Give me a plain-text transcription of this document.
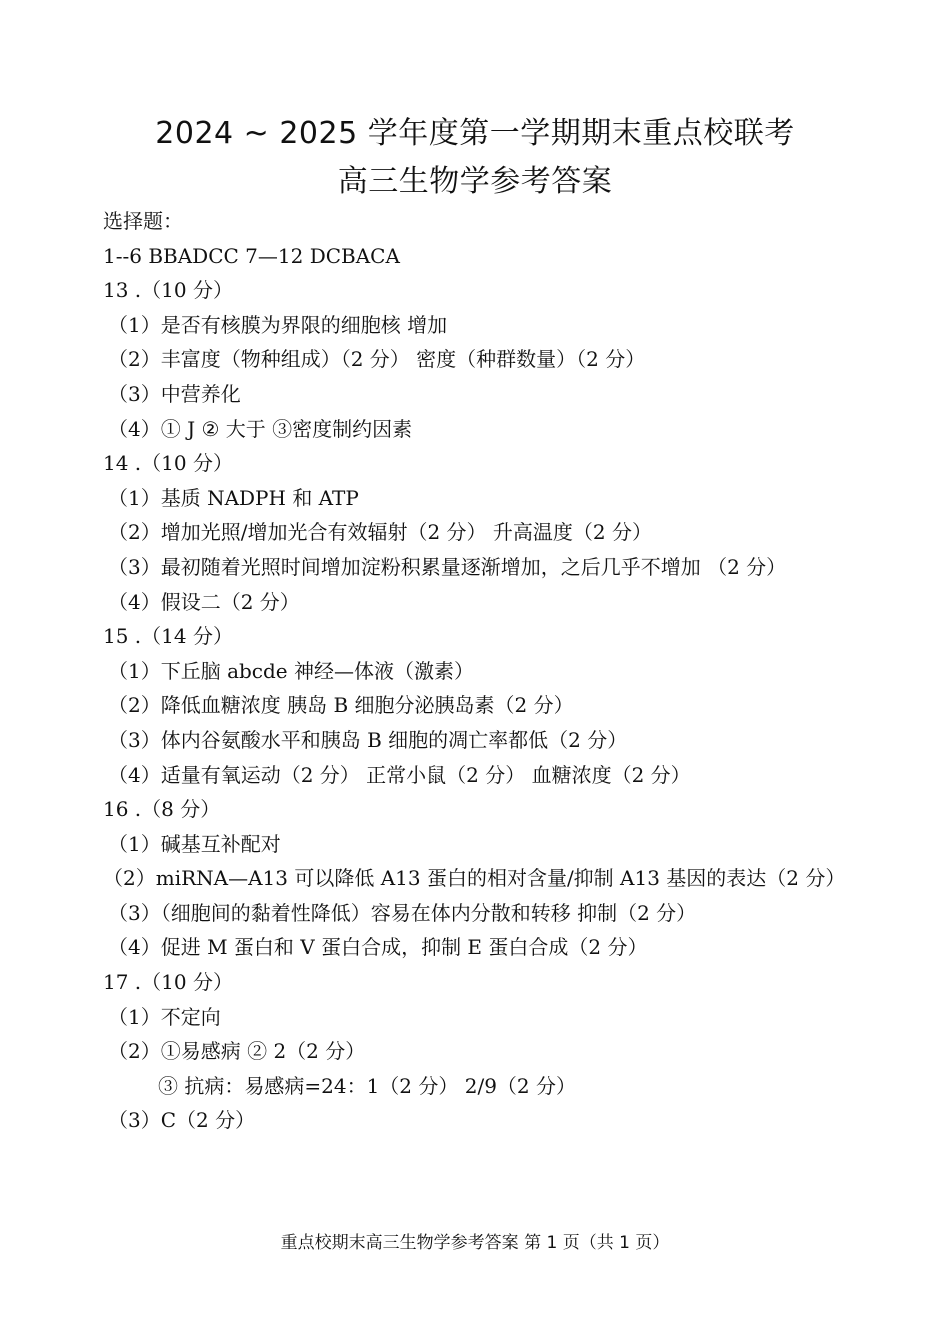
2024 ~ 2025 学年度第一学期期末重点校联考
高三生物学参考答案
选择题：
1--6 BBADCC 7—12 DCBACA
13 .（10 分）
（1）是否有核膜为界限的细胞核 增加
（2）丰富度（物种组成）（2 分） 密度（种群数量）（2 分）
（3）中营养化
（4）① J ② 大于 ③密度制约因素
14 .（10 分）
（1）基质 NADPH 和 ATP
（2）增加光照/增加光合有效辐射（2 分） 升高温度（2 分）
（3）最初随着光照时间增加淀粉积累量逐渐增加，之后几乎不增加 （2 分）
（4）假设二（2 分）
15 .（14 分）
（1）下丘脑 abcde 神经—体液（激素）
（2）降低血糖浓度 胰岛 B 细胞分泌胰岛素（2 分）
（3）体内谷氨酸水平和胰岛 B 细胞的凋亡率都低（2 分）
（4）适量有氧运动（2 分） 正常小鼠（2 分） 血糖浓度（2 分）
16 .（8 分）
（1）碱基互补配对
（2）miRNA—A13 可以降低 A13 蛋白的相对含量/抑制 A13 基因的表达（2 分）
（3）（细胞间的黏着性降低）容易在体内分散和转移 抑制（2 分）
（4）促进 M 蛋白和 V 蛋白合成，抑制 E 蛋白合成（2 分）
17 .（10 分）
（1）不定向
（2）①易感病 ② 2（2 分）
③ 抗病：易感病=24：1（2 分） 2/9（2 分）
（3）C（2 分）
重点校期末高三生物学参考答案 第 1 页（共 1 页）
